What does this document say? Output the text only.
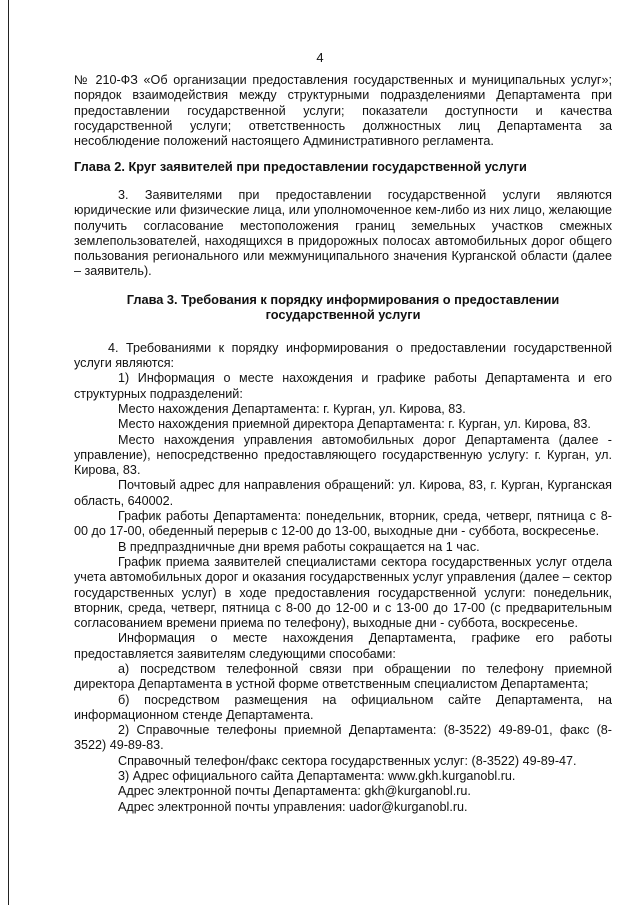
4

№ 210-ФЗ «Об организации предоставления государственных и муниципальных услуг»; порядок взаимодействия между структурными подразделениями Департамента при предоставлении государственной услуги; показатели доступности и качества государственной услуги; ответственность должностных лиц Департамента за несоблюдение положений настоящего Административного регламента.

Глава 2. Круг заявителей при предоставлении государственной услуги

3. Заявителями при предоставлении государственной услуги являются юридические или физические лица, или уполномоченное кем-либо из них лицо, желающие получить согласование местоположения границ земельных участков смежных землепользователей, находящихся в придорожных полосах автомобильных дорог общего пользования регионального или межмуниципального значения Курганской области (далее – заявитель).

Глава 3. Требования к порядку информирования о предоставлении
государственной услуги

4. Требованиями к порядку информирования о предоставлении государственной услуги являются:

1) Информация о месте нахождения и графике работы Департамента и его структурных подразделений:

Место нахождения Департамента: г. Курган, ул. Кирова, 83.

Место нахождения приемной директора Департамента: г. Курган, ул. Кирова, 83.

Место нахождения управления автомобильных дорог Департамента (далее - управление), непосредственно предоставляющего государственную услугу: г. Курган, ул. Кирова, 83.

Почтовый адрес для направления обращений: ул. Кирова, 83, г. Курган, Курганская область, 640002.

График работы Департамента: понедельник, вторник, среда, четверг, пятница с 8-00 до 17-00, обеденный перерыв с 12-00 до 13-00, выходные дни - суббота, воскресенье.

В предпраздничные дни время работы сокращается на 1 час.

График приема заявителей специалистами сектора государственных услуг отдела учета автомобильных дорог и оказания государственных услуг управления (далее – сектор государственных услуг) в ходе предоставления государственной услуги: понедельник, вторник, среда, четверг, пятница с 8-00 до 12-00 и с 13-00 до 17-00 (с предварительным согласованием времени приема по телефону), выходные дни - суббота, воскресенье.

Информация о месте нахождения Департамента, графике его работы предоставляется заявителям следующими способами:

а) посредством телефонной связи при обращении по телефону приемной директора Департамента в устной форме ответственным специалистом Департамента;

б) посредством размещения на официальном сайте Департамента, на информационном стенде Департамента.

2) Справочные телефоны приемной Департамента: (8-3522) 49-89-01, факс (8-3522) 49-89-83.

Справочный телефон/факс сектора государственных услуг: (8-3522) 49-89-47.

3) Адрес официального сайта Департамента: www.gkh.kurganobl.ru.

Адрес электронной почты Департамента: gkh@kurganobl.ru.

Адрес электронной почты управления: uador@kurganobl.ru.
